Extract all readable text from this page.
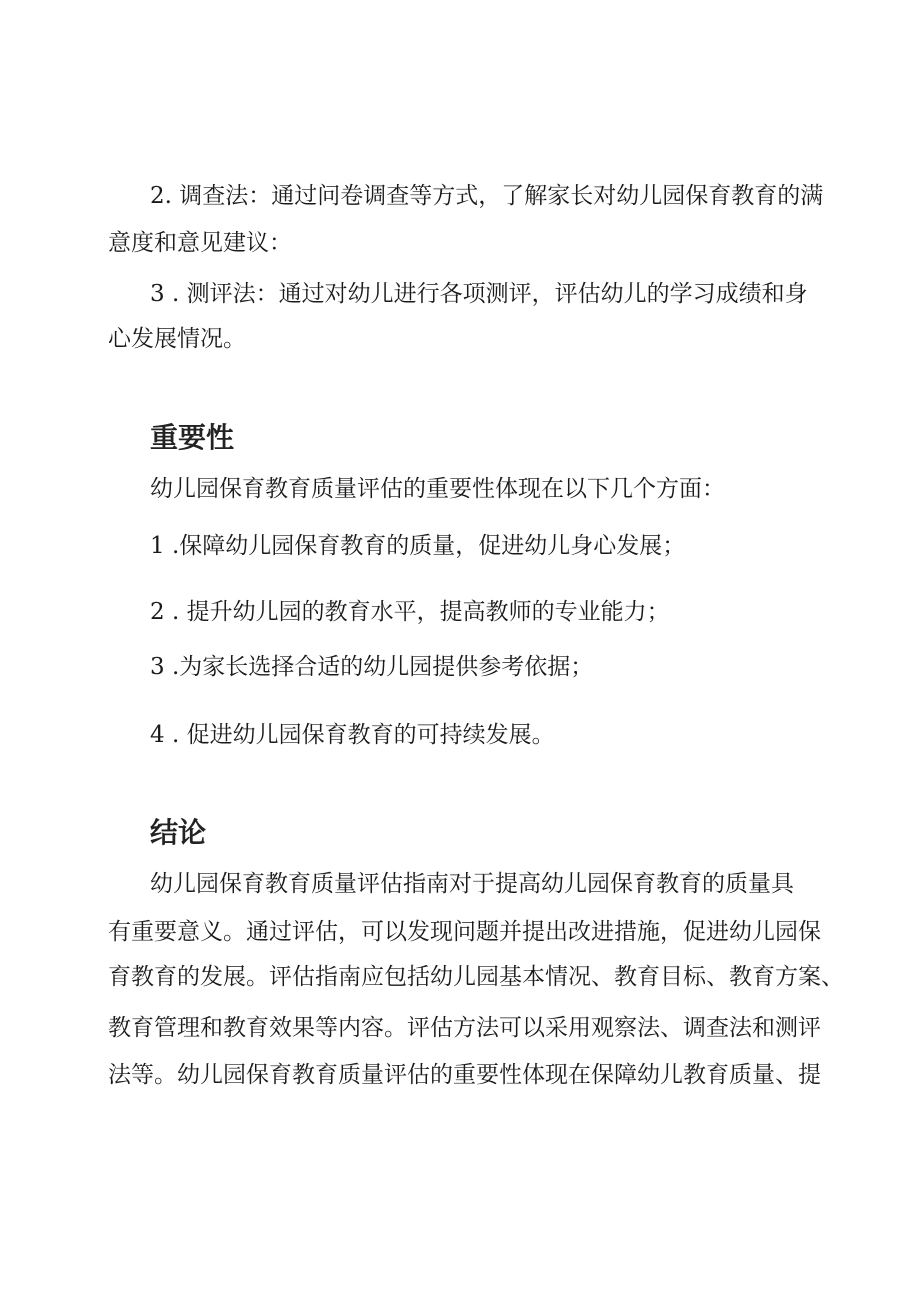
2. 调查法：通过问卷调查等方式，了解家长对幼儿园保育教育的满
意度和意见建议：
3 . 测评法：通过对幼儿进行各项测评，评估幼儿的学习成绩和身
心发展情况。
重要性
幼儿园保育教育质量评估的重要性体现在以下几个方面：
1 .保障幼儿园保育教育的质量，促进幼儿身心发展；
2 . 提升幼儿园的教育水平，提高教师的专业能力；
3 .为家长选择合适的幼儿园提供参考依据；
4 . 促进幼儿园保育教育的可持续发展。
结论
幼儿园保育教育质量评估指南对于提高幼儿园保育教育的质量具
有重要意义。通过评估，可以发现问题并提出改进措施，促进幼儿园保
育教育的发展。评估指南应包括幼儿园基本情况、教育目标、教育方案、
教育管理和教育效果等内容。评估方法可以采用观察法、调查法和测评
法等。幼儿园保育教育质量评估的重要性体现在保障幼儿教育质量、提
